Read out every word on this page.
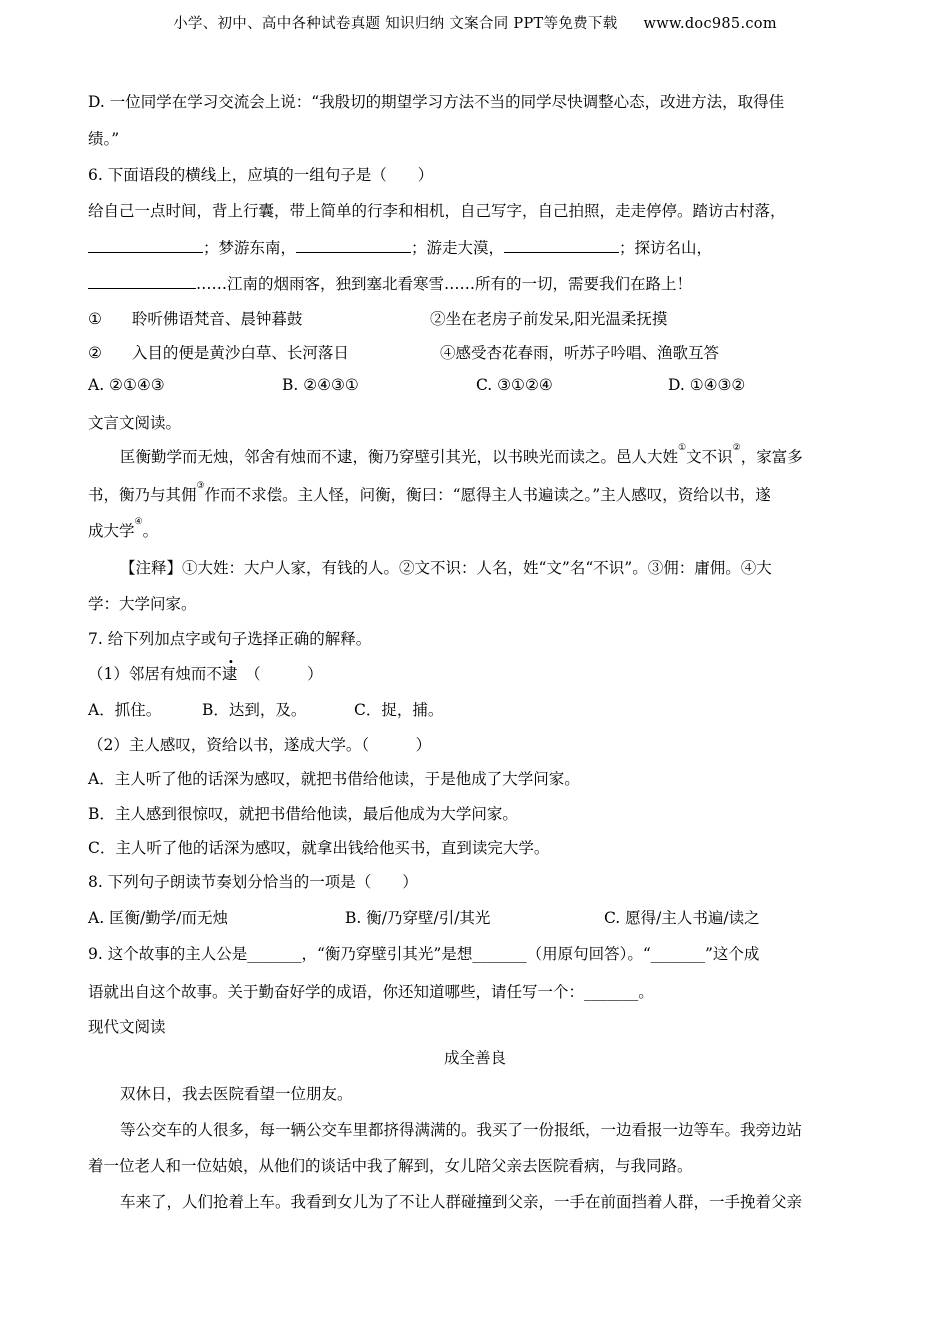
小学、初中、高中各种试卷真题 知识归纳 文案合同 PPT等免费下载 www.doc985.com
D. 一位同学在学习交流会上说：“我殷切的期望学习方法不当的同学尽快调整心态，改进方法，取得佳
绩。”
6. 下面语段的横线上，应填的一组句子是（　　）
给自己一点时间，背上行囊，带上简单的行李和相机，自己写字，自己拍照，走走停停。踏访古村落，
；梦游东南，	；游走大漠，	；探访名山，
……江南的烟雨客，独到塞北看寒雪……所有的一切，需要我们在路上！
① 聆听佛语梵音、晨钟暮鼓	②坐在老房子前发呆,阳光温柔抚摸
② 入目的便是黄沙白草、长河落日	④感受杏花春雨，听苏子吟唱、渔歌互答
A. ②①④③	B. ②④③①	C. ③①②④	D. ①④③②
文言文阅读。
匡衡勤学而无烛，邻舍有烛而不逮，衡乃穿壁引其光，以书映光而读之。邑人大姓①文不识②，家富多
书，衡乃与其佣③作而不求偿。主人怪，问衡，衡曰：“愿得主人书遍读之。”主人感叹，资给以书，遂
成大学④。
【注释】①大姓：大户人家，有钱的人。②文不识：人名，姓“文”名“不识”。③佣：庸佣。④大
学：大学问家。
7. 给下列加点字或句子选择正确的解释。
（1）邻居有烛而不逮　（　　　）
A．抓住。	B．达到，及。	C．捉，捕。
（2）主人感叹，资给以书，遂成大学。（　　　）
A．主人听了他的话深为感叹，就把书借给他读，于是他成了大学问家。
B．主人感到很惊叹，就把书借给他读，最后他成为大学问家。
C．主人听了他的话深为感叹，就拿出钱给他买书，直到读完大学。
8. 下列句子朗读节奏划分恰当的一项是（　　）
A. 匡衡/勤学/而无烛	B. 衡/乃穿壁/引/其光	C. 愿得/主人书遍/读之
9. 这个故事的主人公是_______，“衡乃穿壁引其光”是想_______（用原句回答）。“_______”这个成
语就出自这个故事。关于勤奋好学的成语，你还知道哪些，请任写一个：_______。
现代文阅读
成全善良
双休日，我去医院看望一位朋友。
等公交车的人很多，每一辆公交车里都挤得满满的。我买了一份报纸，一边看报一边等车。我旁边站
着一位老人和一位姑娘，从他们的谈话中我了解到，女儿陪父亲去医院看病，与我同路。
车来了，人们抢着上车。我看到女儿为了不让人群碰撞到父亲，一手在前面挡着人群，一手挽着父亲
